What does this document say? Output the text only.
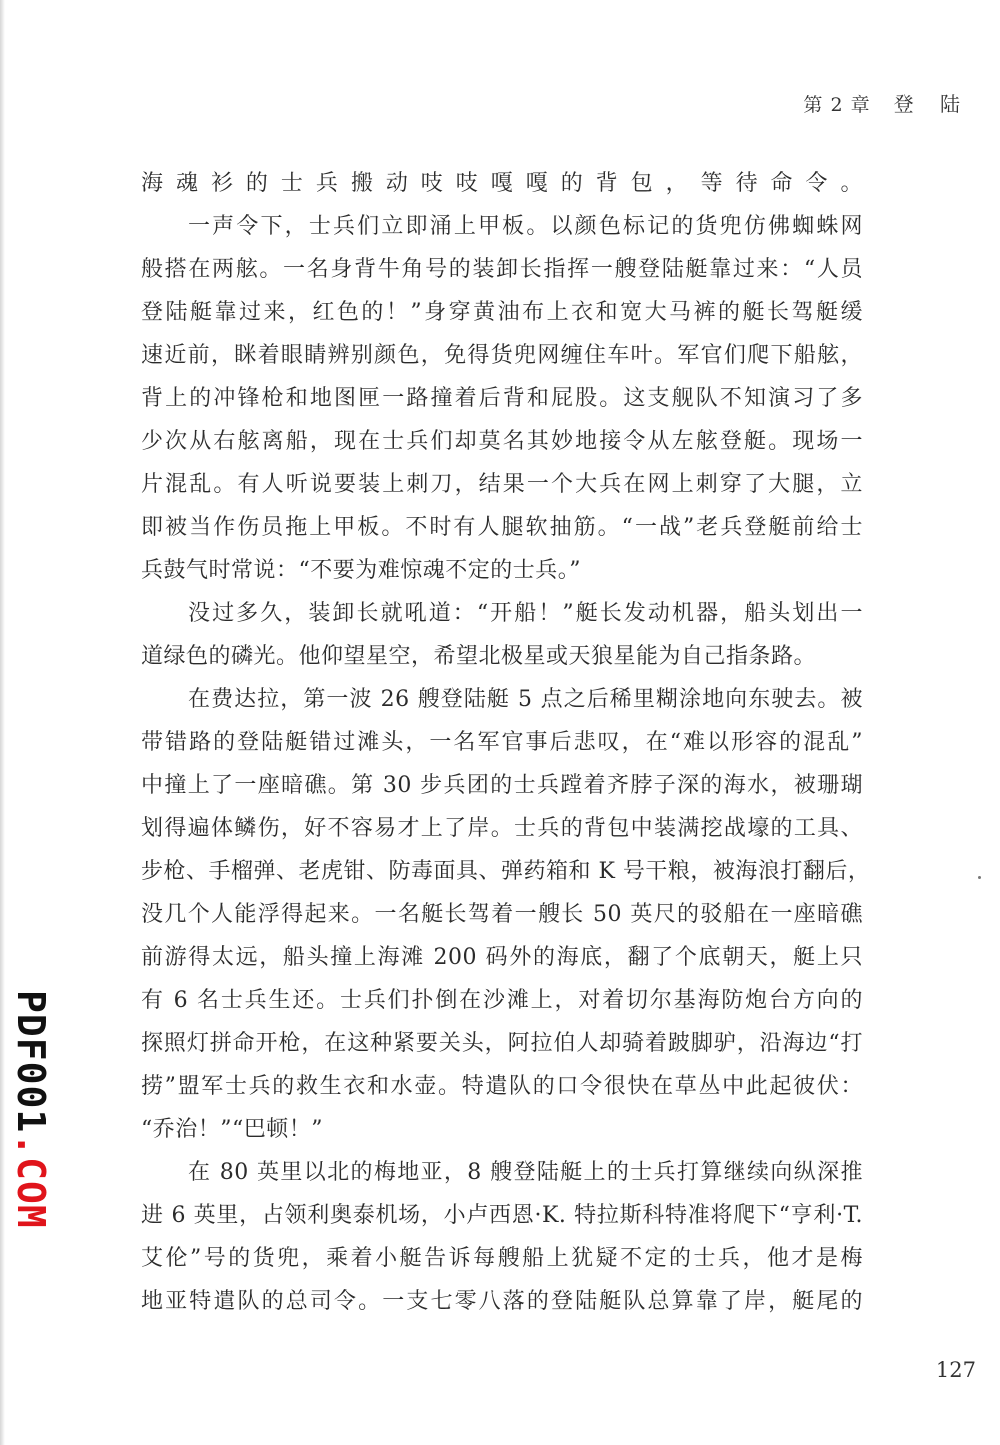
第 2 章 登 陆
海魂衫的士兵搬动吱吱嘎嘎的背包，等待命令。
一声令下，士兵们立即涌上甲板。以颜色标记的货兜仿佛蜘蛛网
般搭在两舷。一名身背牛角号的装卸长指挥一艘登陆艇靠过来：“人员
登陆艇靠过来，红色的！”身穿黄油布上衣和宽大马裤的艇长驾艇缓
速近前，眯着眼睛辨别颜色，免得货兜网缠住车叶。军官们爬下船舷，
背上的冲锋枪和地图匣一路撞着后背和屁股。这支舰队不知演习了多
少次从右舷离船，现在士兵们却莫名其妙地接令从左舷登艇。现场一
片混乱。有人听说要装上刺刀，结果一个大兵在网上刺穿了大腿，立
即被当作伤员拖上甲板。不时有人腿软抽筋。“一战”老兵登艇前给士
兵鼓气时常说：“不要为难惊魂不定的士兵。”
没过多久，装卸长就吼道：“开船！”艇长发动机器，船头划出一
道绿色的磷光。他仰望星空，希望北极星或天狼星能为自己指条路。
在费达拉，第一波 26 艘登陆艇 5 点之后稀里糊涂地向东驶去。被
带错路的登陆艇错过滩头，一名军官事后悲叹，在“难以形容的混乱”
中撞上了一座暗礁。第 30 步兵团的士兵蹚着齐脖子深的海水，被珊瑚
划得遍体鳞伤，好不容易才上了岸。士兵的背包中装满挖战壕的工具、
步枪、手榴弹、老虎钳、防毒面具、弹药箱和 K 号干粮，被海浪打翻后，
没几个人能浮得起来。一名艇长驾着一艘长 50 英尺的驳船在一座暗礁
前游得太远，船头撞上海滩 200 码外的海底，翻了个底朝天，艇上只
有 6 名士兵生还。士兵们扑倒在沙滩上，对着切尔基海防炮台方向的
探照灯拼命开枪，在这种紧要关头，阿拉伯人却骑着跛脚驴，沿海边“打
捞”盟军士兵的救生衣和水壶。特遣队的口令很快在草丛中此起彼伏：
“乔治！”“巴顿！”
在 80 英里以北的梅地亚，8 艘登陆艇上的士兵打算继续向纵深推
进 6 英里，占领利奥泰机场，小卢西恩·K. 特拉斯科特准将爬下“亨利·T.
艾伦”号的货兜，乘着小艇告诉每艘船上犹疑不定的士兵，他才是梅
地亚特遣队的总司令。一支七零八落的登陆艇队总算靠了岸，艇尾的
PDF001.COM
127
